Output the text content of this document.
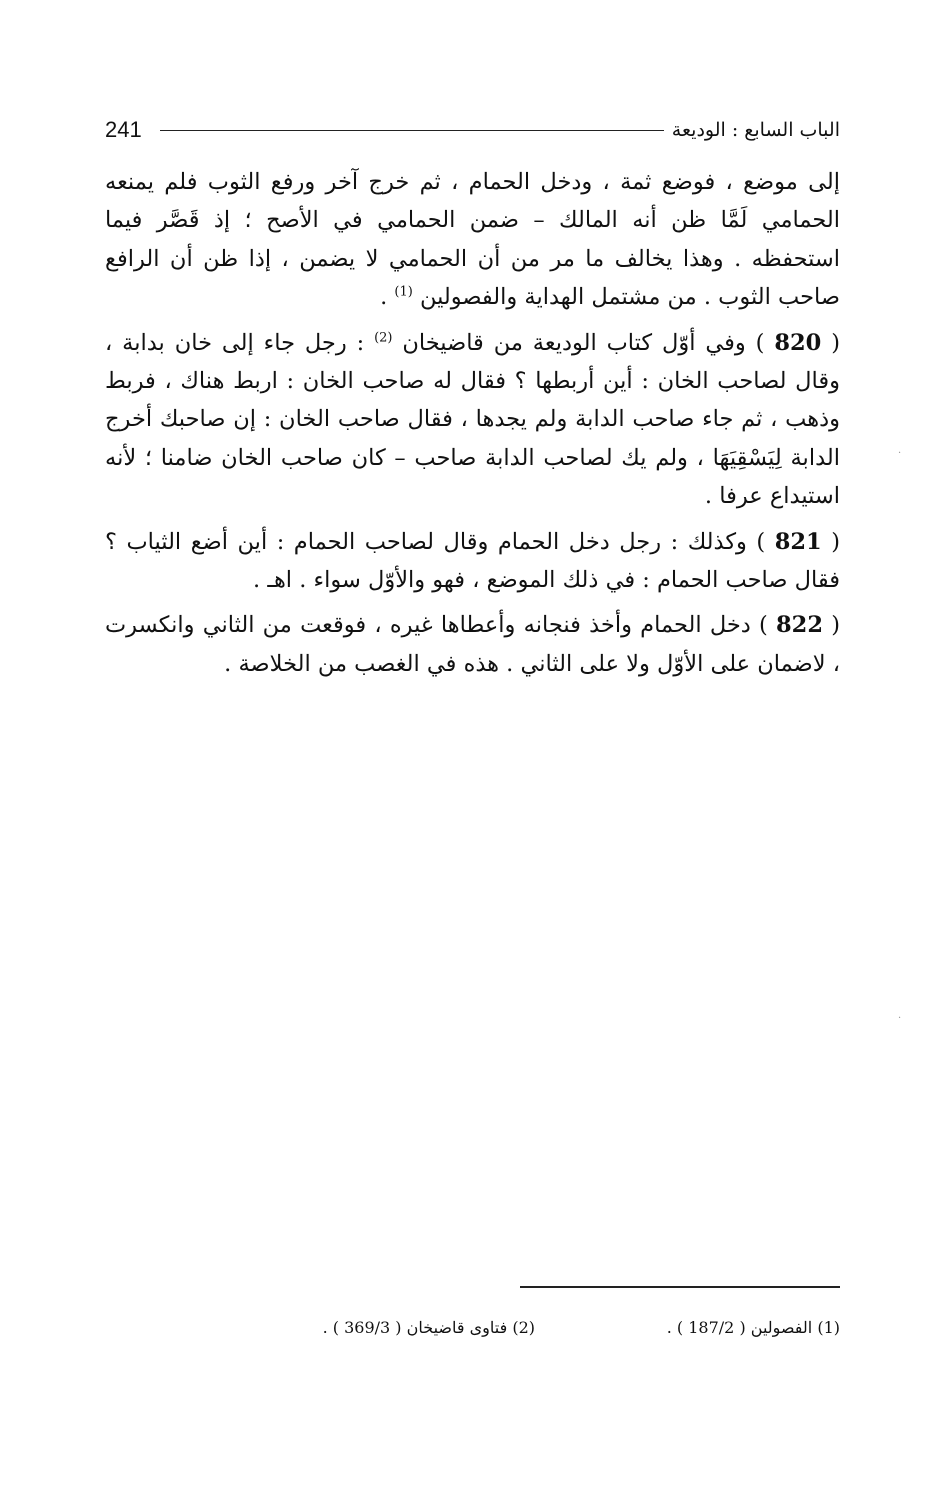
241	الباب السابع : الوديعة

إلى موضع ، فوضع ثمة ، ودخل الحمام ، ثم خرج آخر ورفع الثوب فلم يمنعه الحمامي لَمَّا ظن أنه المالك – ضمن الحمامي في الأصح ؛ إذ قَصَّر فيما استحفظه . وهذا يخالف ما مر من أن الحمامي لا يضمن ، إذا ظن أن الرافع صاحب الثوب . من مشتمل الهداية والفصولين $^{(1)}$ .

( 820 ) وفي أوّل كتاب الوديعة من قاضيخان $^{(2)}$ : رجل جاء إلى خان بدابة ، وقال لصاحب الخان : أين أربطها ؟ فقال له صاحب الخان : اربط هناك ، فربط وذهب ، ثم جاء صاحب الدابة ولم يجدها ، فقال صاحب الخان : إن صاحبك أخرج الدابة لِيَسْقِيَهَا ، ولم يك لصاحب الدابة صاحب – كان صاحب الخان ضامنا ؛ لأنه استيداع عرفا .

( 821 ) وكذلك : رجل دخل الحمام وقال لصاحب الحمام : أين أضع الثياب ؟ فقال صاحب الحمام : في ذلك الموضع ، فهو والأوّل سواء . اهـ .

( 822 ) دخل الحمام وأخذ فنجانه وأعطاها غيره ، فوقعت من الثاني وانكسرت ، لاضمان على الأوّل ولا على الثاني . هذه في الغصب من الخلاصة .

(1) الفصولين ( 187/2 ) .
(2) فتاوى قاضيخان ( 369/3 ) .
·
·
